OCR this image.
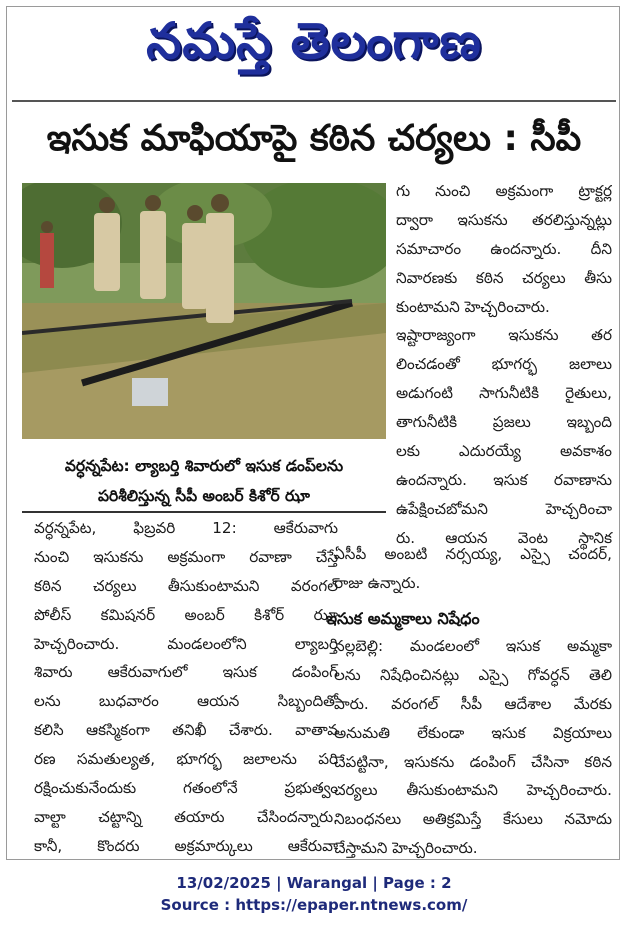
నమస్తే తెలంగాణ
ఇసుక మాఫియాపై కఠిన చర్యలు : సీపీ
వర్ధన్నపేట: ల్యాబర్తి శివారులో ఇసుక డంప్‌లను
పరిశీలిస్తున్న సీపీ అంబర్ కిశోర్ ఝా
గు నుంచి అక్రమంగా ట్రాక్టర్ల
ద్వారా ఇసుకను తరలిస్తున్నట్లు
సమాచారం ఉందన్నారు. దీని
నివారణకు కఠిన చర్యలు తీసు
కుంటామని హెచ్చరించారు.
ఇష్టారాజ్యంగా ఇసుకను తర
లించడంతో భూగర్భ జలాలు
అడుగంటి సాగునీటికి రైతులు,
తాగునీటికి ప్రజలు ఇబ్బంది
లకు ఎదురయ్యే అవకాశం
ఉందన్నారు. ఇసుక రవాణాను
ఉపేక్షించబోమని హెచ్చరించా
రు. ఆయన వెంట స్థానిక
వర్ధన్నపేట, ఫిబ్రవరి 12: ఆకేరువాగు
నుంచి ఇసుకను అక్రమంగా రవాణా చేస్తే
కఠిన చర్యలు తీసుకుంటామని వరంగల్
పోలీస్ కమిషనర్ అంబర్ కిశోర్ ఝా
హెచ్చరించారు. మండలంలోని ల్యాబర్తి
శివారు ఆకేరువాగులో ఇసుక డంపింగ్
లను బుధవారం ఆయన సిబ్బందితో
కలిసి ఆకస్మికంగా తనిఖీ చేశారు. వాతావ
రణ సమతుల్యత, భూగర్భ జలాలను పరి
రక్షించుకునేందుకు గతంలోనే ప్రభుత్వం
వాల్టా చట్టాన్ని తయారు చేసిందన్నారు.
కానీ, కొందరు అక్రమార్కులు ఆకేరువా
ఏసీపీ అంబటి నర్సయ్య, ఎస్సై చందర్,
రాజు ఉన్నారు.
ఇసుక అమ్మకాలు నిషేధం
నల్లబెల్లి: మండలంలో ఇసుక అమ్మకా
లను నిషేధించినట్లు ఎస్సై గోవర్ధన్ తెలి
పారు. వరంగల్ సీపీ ఆదేశాల మేరకు
అనుమతి లేకుండా ఇసుక విక్రయాలు
చేపట్టినా, ఇసుకను డంపింగ్ చేసినా కఠిన
చర్యలు తీసుకుంటామని హెచ్చరించారు.
నిబంధనలు అతిక్రమిస్తే కేసులు నమోదు
చేస్తామని హెచ్చరించారు.
13/02/2025 | Warangal | Page : 2
Source : https://epaper.ntnews.com/
